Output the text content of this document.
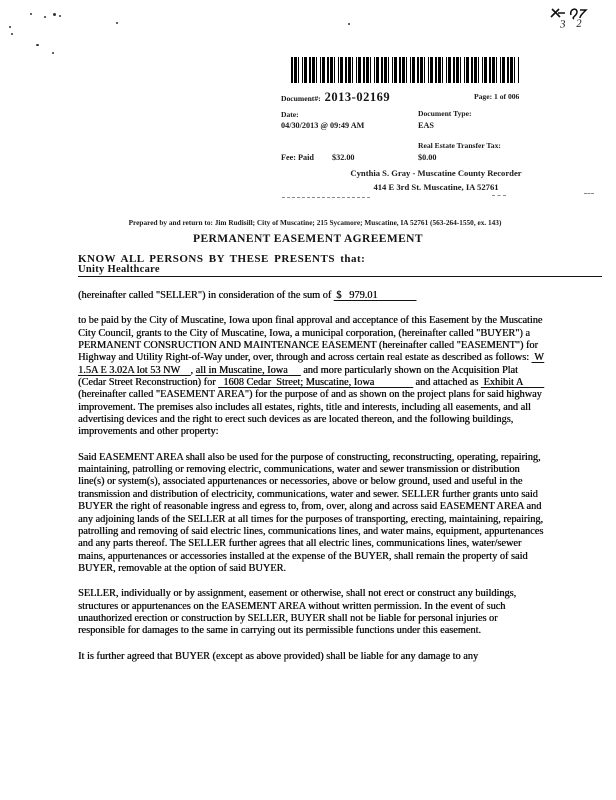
3 2
Document#: 2013-02169	Page: 1 of 006
Date:
04/30/2013 @ 09:49 AM
Document Type:
EAS
Real Estate Transfer Tax:
$0.00
Fee: Paid $32.00
Cynthia S. Gray - Muscatine County Recorder
414 E 3rd St. Muscatine, IA 52761
Prepared by and return to: Jim Rudisill; City of Muscatine; 215 Sycamore; Muscatine, IA 52761 (563-264-1550, ex. 143)
PERMANENT EASEMENT AGREEMENT
KNOW ALL PERSONS BY THESE PRESENTS that:
Unity Healthcare

(hereinafter called "SELLER") in consideration of the sum of  $   979.01

to be paid by the City of Muscatine, Iowa upon final approval and acceptance of this Easement by the Muscatine City Council, grants to the City of Muscatine, Iowa, a municipal corporation, (hereinafter called "BUYER") a PERMANENT CONSRUCTION AND MAINTENANCE EASEMENT (hereinafter called "EASEMENT") for Highway and Utility Right-of-Way under, over, through and across certain real estate as described as follows:  W 1.5A E 3.02A lot 53 NW    , all in Muscatine, Iowa      and more particularly shown on the Acquisition Plat (Cedar Street Reconstruction) for   1608 Cedar  Street; Muscatine, Iowa                and attached as  Exhibit A         (hereinafter called "EASEMENT AREA") for the purpose of and as shown on the project plans for said highway improvement. The premises also includes all estates, rights, title and interests, including all easements, and all advertising devices and the right to erect such devices as are located thereon, and the following buildings, improvements and other property:

Said EASEMENT AREA shall also be used for the purpose of constructing, reconstructing, operating, repairing, maintaining, patrolling or removing electric, communications, water and sewer transmission or distribution line(s) or system(s), associated appurtenances or necessories, above or below ground, used and useful in the transmission and distribution of electricity, communications, water and sewer. SELLER further grants unto said BUYER the right of reasonable ingress and egress to, from, over, along and across said EASEMENT AREA and any adjoining lands of the SELLER at all times for the purposes of transporting, erecting, maintaining, repairing, patrolling and removing of said electric lines, communications lines, and water mains, equipment, appurtenances and any parts thereof. The SELLER further agrees that all electric lines, communications lines, water/sewer mains, appurtenances or accessories installed at the expense of the BUYER, shall remain the property of said BUYER, removable at the option of said BUYER.

SELLER, individually or by assignment, easement or otherwise, shall not erect or construct any buildings, structures or appurtenances on the EASEMENT AREA without written permission. In the event of such unauthorized erection or construction by SELLER, BUYER shall not be liable for personal injuries or responsible for damages to the same in carrying out its permissible functions under this easement.

It is further agreed that BUYER (except as above provided) shall be liable for any damage to any
